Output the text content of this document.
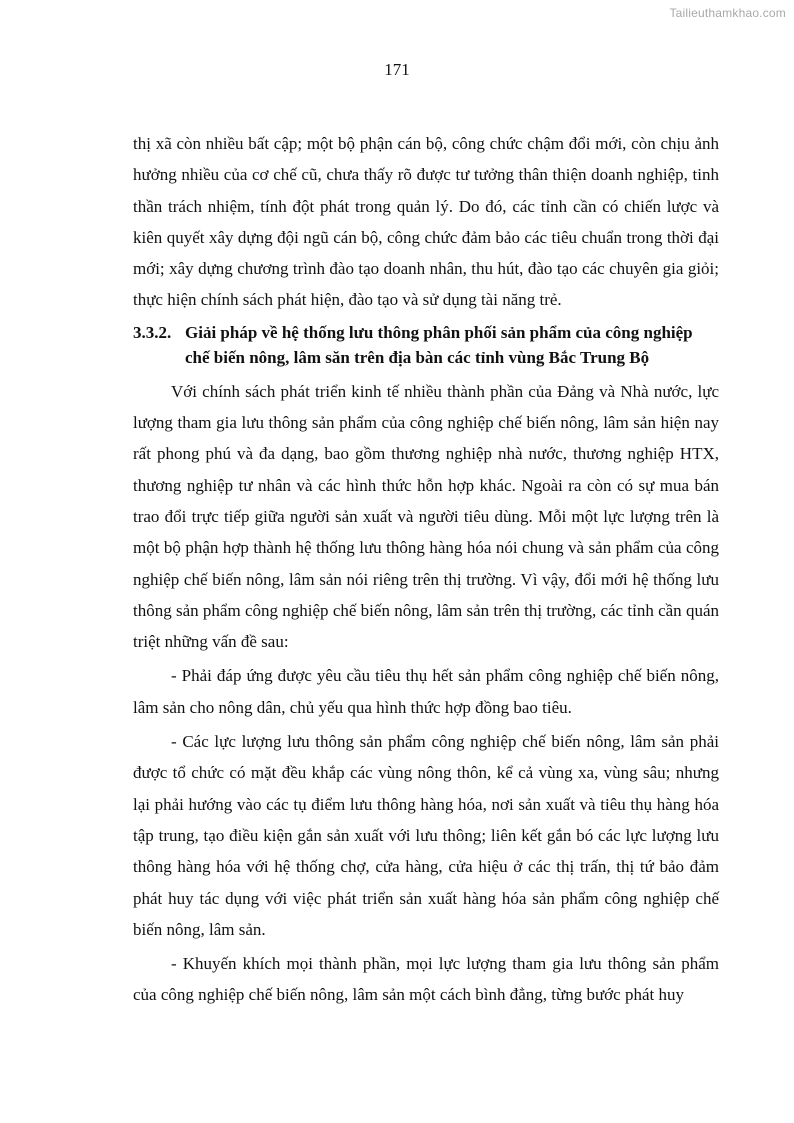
Tailieuthamkhao.com
171

thị xã còn nhiều bất cập; một bộ phận cán bộ, công chức chậm đổi mới, còn chịu ảnh hưởng nhiều của cơ chế cũ, chưa thấy rõ được tư tưởng thân thiện doanh nghiệp, tinh thần trách nhiệm, tính đột phát trong quản lý. Do đó, các tỉnh cần có chiến lược và kiên quyết xây dựng đội ngũ cán bộ, công chức đảm bảo các tiêu chuẩn trong thời đại mới; xây dựng chương trình đào tạo doanh nhân, thu hút, đào tạo các chuyên gia giỏi; thực hiện chính sách phát hiện, đào tạo và sử dụng tài năng trẻ.

3.3.2. Giải pháp về hệ thống lưu thông phân phối sản phẩm của công nghiệp chế biến nông, lâm săn trên địa bàn các tỉnh vùng Bắc Trung Bộ

Với chính sách phát triển kinh tế nhiều thành phần của Đảng và Nhà nước, lực lượng tham gia lưu thông sản phẩm của công nghiệp chế biến nông, lâm sản hiện nay rất phong phú và đa dạng, bao gồm thương nghiệp nhà nước, thương nghiệp HTX, thương nghiệp tư nhân và các hình thức hỗn hợp khác. Ngoài ra còn có sự mua bán trao đổi trực tiếp giữa người sản xuất và người tiêu dùng. Mỗi một lực lượng trên là một bộ phận hợp thành hệ thống lưu thông hàng hóa nói chung và sản phẩm của công nghiệp chế biến nông, lâm sản nói riêng trên thị trường. Vì vậy, đổi mới hệ thống lưu thông sản phẩm công nghiệp chế biến nông, lâm sản trên thị trường, các tỉnh cần quán triệt những vấn đề sau:

- Phải đáp ứng được yêu cầu tiêu thụ hết sản phẩm công nghiệp chế biến nông, lâm sản cho nông dân, chủ yếu qua hình thức hợp đồng bao tiêu.

- Các lực lượng lưu thông sản phẩm công nghiệp chế biến nông, lâm sản phải được tổ chức có mặt đều khắp các vùng nông thôn, kể cả vùng xa, vùng sâu; nhưng lại phải hướng vào các tụ điểm lưu thông hàng hóa, nơi sản xuất và tiêu thụ hàng hóa tập trung, tạo điều kiện gắn sản xuất với lưu thông; liên kết gắn bó các lực lượng lưu thông hàng hóa với hệ thống chợ, cửa hàng, cửa hiệu ở các thị trấn, thị tứ bảo đảm phát huy tác dụng với việc phát triển sản xuất hàng hóa sản phẩm công nghiệp chế biến nông, lâm sản.

- Khuyến khích mọi thành phần, mọi lực lượng tham gia lưu thông sản phẩm của công nghiệp chế biến nông, lâm sản một cách bình đẳng, từng bước phát huy
